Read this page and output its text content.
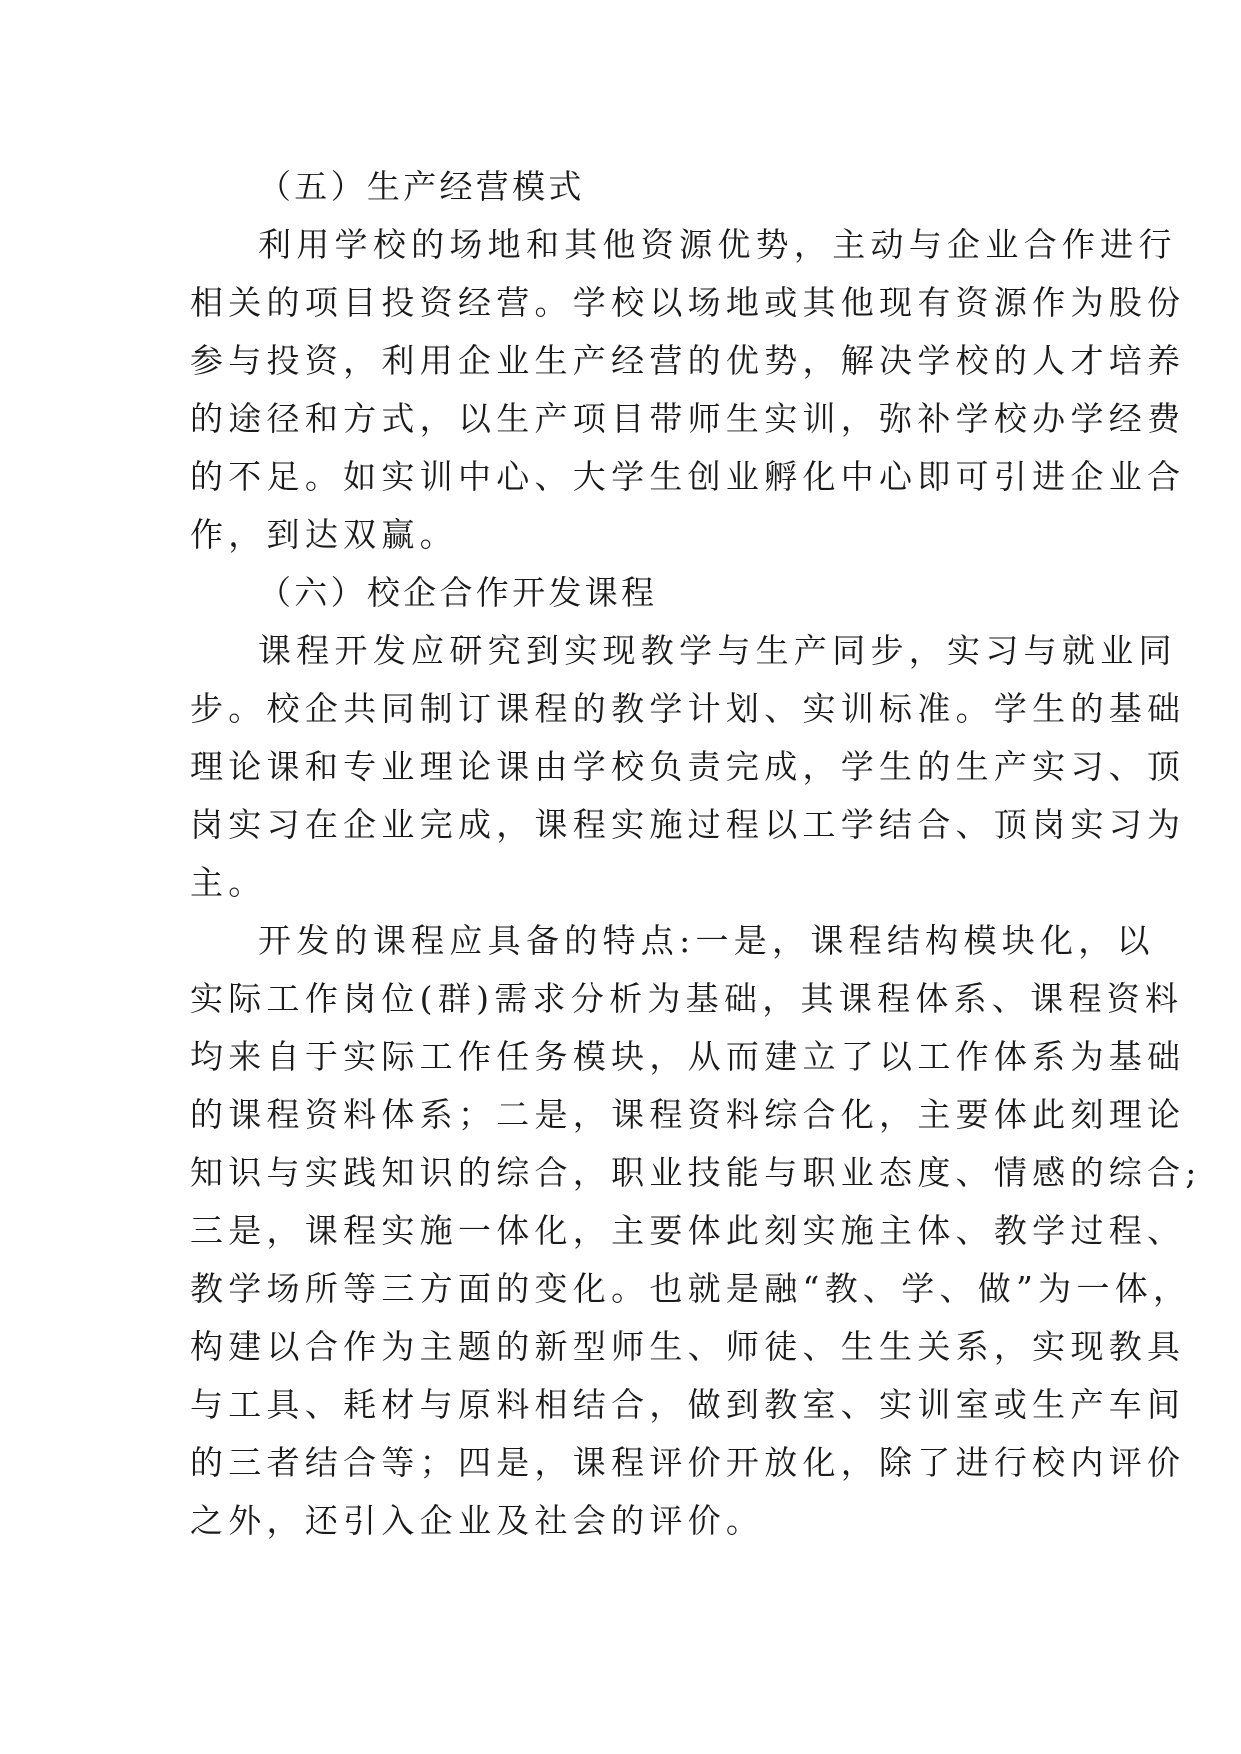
（五）生产经营模式
利用学校的场地和其他资源优势，主动与企业合作进行
相关的项目投资经营。学校以场地或其他现有资源作为股份
参与投资，利用企业生产经营的优势，解决学校的人才培养
的途径和方式，以生产项目带师生实训，弥补学校办学经费
的不足。如实训中心、大学生创业孵化中心即可引进企业合
作，到达双赢。
（六）校企合作开发课程
课程开发应研究到实现教学与生产同步，实习与就业同
步。校企共同制订课程的教学计划、实训标准。学生的基础
理论课和专业理论课由学校负责完成，学生的生产实习、顶
岗实习在企业完成，课程实施过程以工学结合、顶岗实习为
主。
开发的课程应具备的特点:一是，课程结构模块化，以
实际工作岗位(群)需求分析为基础，其课程体系、课程资料
均来自于实际工作任务模块，从而建立了以工作体系为基础
的课程资料体系；二是，课程资料综合化，主要体此刻理论
知识与实践知识的综合，职业技能与职业态度、情感的综合;
三是，课程实施一体化，主要体此刻实施主体、教学过程、
教学场所等三方面的变化。也就是融“教、学、做”为一体，
构建以合作为主题的新型师生、师徒、生生关系，实现教具
与工具、耗材与原料相结合，做到教室、实训室或生产车间
的三者结合等；四是，课程评价开放化，除了进行校内评价
之外，还引入企业及社会的评价。
